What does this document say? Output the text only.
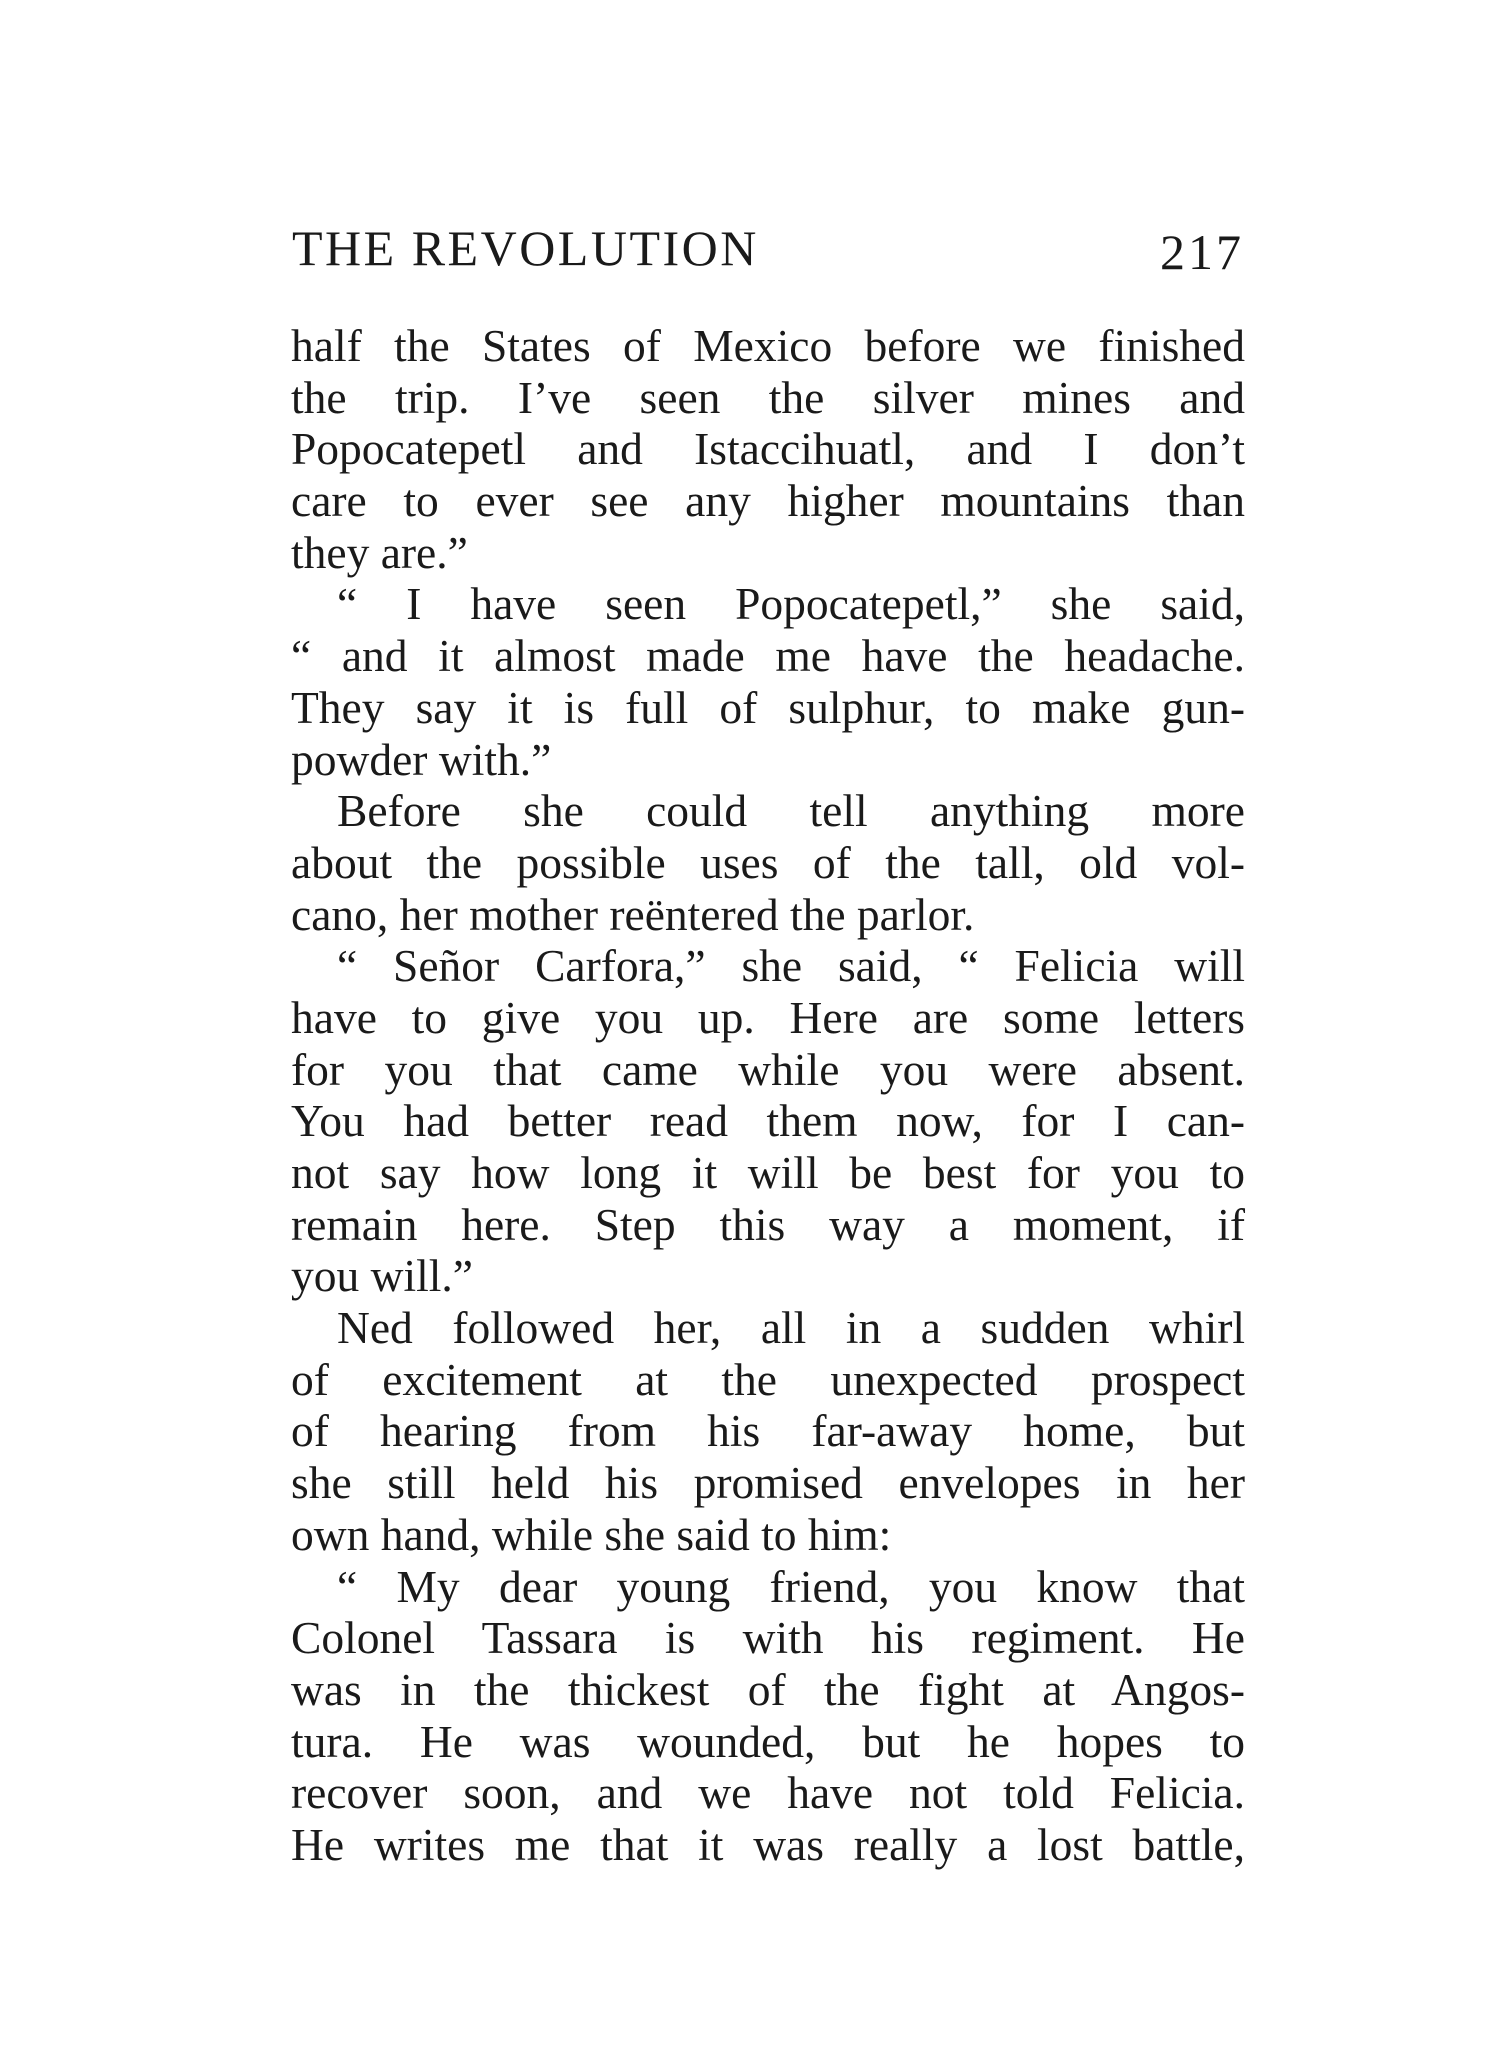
THE REVOLUTION	217
half the States of Mexico before we finished
the trip. I’ve seen the silver mines and
Popocatepetl and Istaccihuatl, and I don’t
care to ever see any higher mountains than
they are.”
“ I have seen Popocatepetl,” she said,
“ and it almost made me have the headache.
They say it is full of sulphur, to make gun-
powder with.”
Before she could tell anything more
about the possible uses of the tall, old vol-
cano, her mother reëntered the parlor.
“ Señor Carfora,” she said, “ Felicia will
have to give you up. Here are some letters
for you that came while you were absent.
You had better read them now, for I can-
not say how long it will be best for you to
remain here. Step this way a moment, if
you will.”
Ned followed her, all in a sudden whirl
of excitement at the unexpected prospect
of hearing from his far-away home, but
she still held his promised envelopes in her
own hand, while she said to him:
“ My dear young friend, you know that
Colonel Tassara is with his regiment. He
was in the thickest of the fight at Angos-
tura. He was wounded, but he hopes to
recover soon, and we have not told Felicia.
He writes me that it was really a lost battle,
